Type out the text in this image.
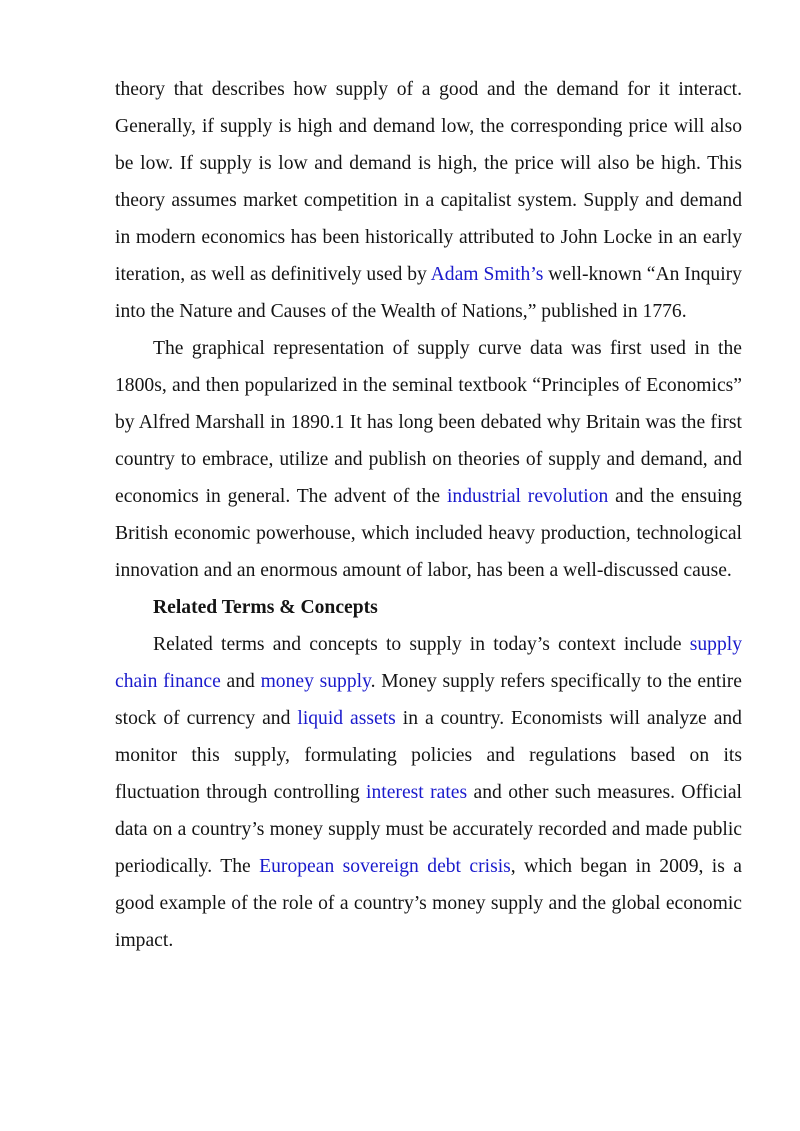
theory that describes how supply of a good and the demand for it interact. Generally, if supply is high and demand low, the corresponding price will also be low. If supply is low and demand is high, the price will also be high. This theory assumes market competition in a capitalist system. Supply and demand in modern economics has been historically attributed to John Locke in an early iteration, as well as definitively used by Adam Smith’s well-known “An Inquiry into the Nature and Causes of the Wealth of Nations,” published in 1776.

The graphical representation of supply curve data was first used in the 1800s, and then popularized in the seminal textbook “Principles of Economics” by Alfred Marshall in 1890.1 It has long been debated why Britain was the first country to embrace, utilize and publish on theories of supply and demand, and economics in general. The advent of the industrial revolution and the ensuing British economic powerhouse, which included heavy production, technological innovation and an enormous amount of labor, has been a well-discussed cause.

Related Terms & Concepts

Related terms and concepts to supply in today’s context include supply chain finance and money supply. Money supply refers specifically to the entire stock of currency and liquid assets in a country. Economists will analyze and monitor this supply, formulating policies and regulations based on its fluctuation through controlling interest rates and other such measures. Official data on a country’s money supply must be accurately recorded and made public periodically. The European sovereign debt crisis, which began in 2009, is a good example of the role of a country’s money supply and the global economic impact.
